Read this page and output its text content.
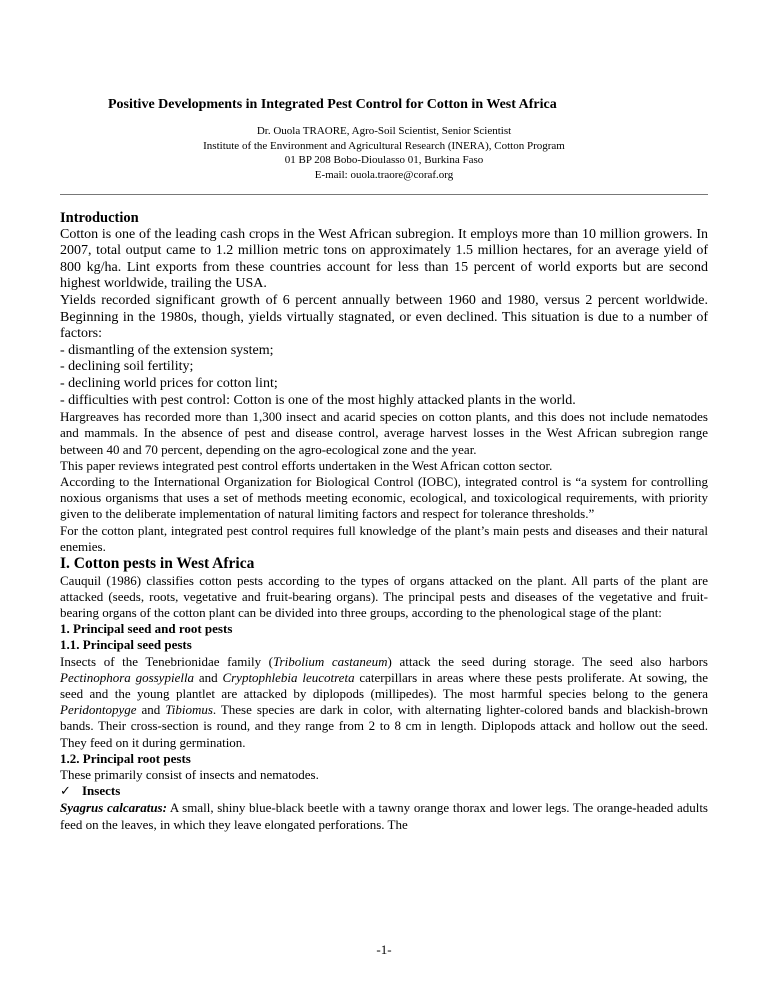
Positive Developments in Integrated Pest Control for Cotton in West Africa
Dr. Ouola TRAORE, Agro-Soil Scientist, Senior Scientist
Institute of the Environment and Agricultural Research (INERA), Cotton Program
01 BP 208 Bobo-Dioulasso 01, Burkina Faso
E-mail: ouola.traore@coraf.org

Introduction

Cotton is one of the leading cash crops in the West African subregion. It employs more than 10 million growers. In 2007, total output came to 1.2 million metric tons on approximately 1.5 million hectares, for an average yield of 800 kg/ha. Lint exports from these countries account for less than 15 percent of world exports but are second highest worldwide, trailing the USA.

Yields recorded significant growth of 6 percent annually between 1960 and 1980, versus 2 percent worldwide. Beginning in the 1980s, though, yields virtually stagnated, or even declined. This situation is due to a number of factors:

- dismantling of the extension system;

- declining soil fertility;

- declining world prices for cotton lint;

- difficulties with pest control: Cotton is one of the most highly attacked plants in the world.

Hargreaves has recorded more than 1,300 insect and acarid species on cotton plants, and this does not include nematodes and mammals. In the absence of pest and disease control, average harvest losses in the West African subregion range between 40 and 70 percent, depending on the agro-ecological zone and the year.

This paper reviews integrated pest control efforts undertaken in the West African cotton sector.

According to the International Organization for Biological Control (IOBC), integrated control is “a system for controlling noxious organisms that uses a set of methods meeting economic, ecological, and toxicological requirements, with priority given to the deliberate implementation of natural limiting factors and respect for tolerance thresholds.”

For the cotton plant, integrated pest control requires full knowledge of the plant’s main pests and diseases and their natural enemies.

I. Cotton pests in West Africa

Cauquil (1986) classifies cotton pests according to the types of organs attacked on the plant. All parts of the plant are attacked (seeds, roots, vegetative and fruit-bearing organs). The principal pests and diseases of the vegetative and fruit-bearing organs of the cotton plant can be divided into three groups, according to the phenological stage of the plant:

1. Principal seed and root pests

1.1. Principal seed pests

Insects of the Tenebrionidae family (Tribolium castaneum) attack the seed during storage. The seed also harbors Pectinophora gossypiella and Cryptophlebia leucotreta caterpillars in areas where these pests proliferate. At sowing, the seed and the young plantlet are attacked by diplopods (millipedes). The most harmful species belong to the genera Peridontopyge and Tibiomus. These species are dark in color, with alternating lighter-colored bands and blackish-brown bands. Their cross-section is round, and they range from 2 to 8 cm in length. Diplopods attack and hollow out the seed. They feed on it during germination.

1.2. Principal root pests

These primarily consist of insects and nematodes.

✓ Insects

Syagrus calcaratus: A small, shiny blue-black beetle with a tawny orange thorax and lower legs. The orange-headed adults feed on the leaves, in which they leave elongated perforations. The

-1-
